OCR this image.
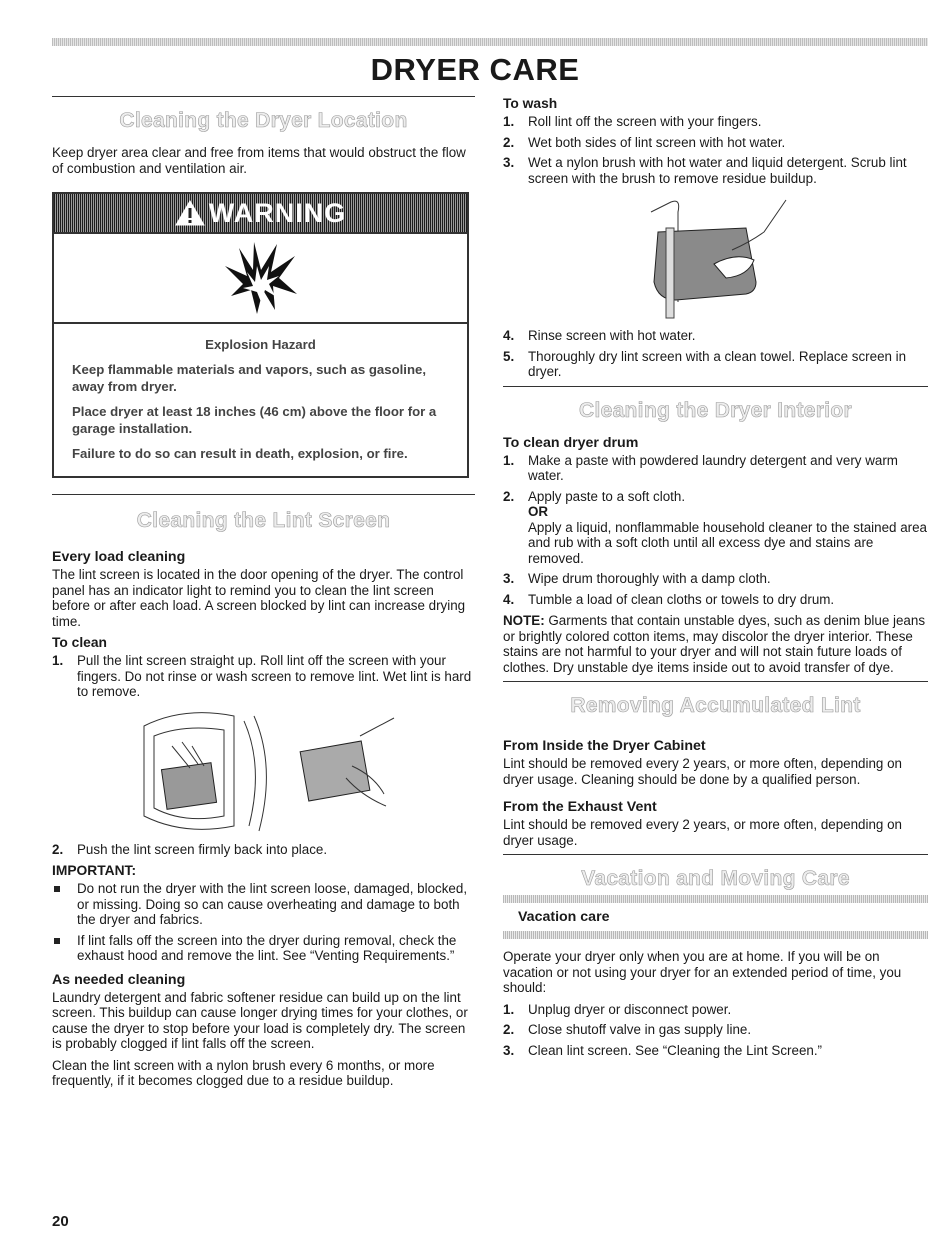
DRYER CARE
Cleaning the Dryer Location

Keep dryer area clear and free from items that would obstruct the flow of combustion and ventilation air.

WARNING

Explosion Hazard

Keep flammable materials and vapors, such as gasoline, away from dryer.

Place dryer at least 18 inches (46 cm) above the floor for a garage installation.

Failure to do so can result in death, explosion, or fire.

Cleaning the Lint Screen
Every load cleaning

The lint screen is located in the door opening of the dryer. The control panel has an indicator light to remind you to clean the lint screen before or after each load. A screen blocked by lint can increase drying time.

To clean
1. Pull the lint screen straight up. Roll lint off the screen with your fingers. Do not rinse or wash screen to remove lint. Wet lint is hard to remove.
2. Push the lint screen firmly back into place.
IMPORTANT:
Do not run the dryer with the lint screen loose, damaged, blocked, or missing. Doing so can cause overheating and damage to both the dryer and fabrics.
If lint falls off the screen into the dryer during removal, check the exhaust hood and remove the lint. See “Venting Requirements.”
As needed cleaning

Laundry detergent and fabric softener residue can build up on the lint screen. This buildup can cause longer drying times for your clothes, or cause the dryer to stop before your load is completely dry. The screen is probably clogged if lint falls off the screen.

Clean the lint screen with a nylon brush every 6 months, or more frequently, if it becomes clogged due to a residue buildup.

To wash
1. Roll lint off the screen with your fingers.
2. Wet both sides of lint screen with hot water.
3. Wet a nylon brush with hot water and liquid detergent. Scrub lint screen with the brush to remove residue buildup.
4. Rinse screen with hot water.
5. Thoroughly dry lint screen with a clean towel. Replace screen in dryer.
Cleaning the Dryer Interior
To clean dryer drum
1. Make a paste with powdered laundry detergent and very warm water.
2. Apply paste to a soft cloth.
OR
Apply a liquid, nonflammable household cleaner to the stained area and rub with a soft cloth until all excess dye and stains are removed.
3. Wipe drum thoroughly with a damp cloth.
4. Tumble a load of clean cloths or towels to dry drum.

NOTE: Garments that contain unstable dyes, such as denim blue jeans or brightly colored cotton items, may discolor the dryer interior. These stains are not harmful to your dryer and will not stain future loads of clothes. Dry unstable dye items inside out to avoid transfer of dye.

Removing Accumulated Lint
From Inside the Dryer Cabinet

Lint should be removed every 2 years, or more often, depending on dryer usage. Cleaning should be done by a qualified person.

From the Exhaust Vent

Lint should be removed every 2 years, or more often, depending on dryer usage.

Vacation and Moving Care
Vacation care

Operate your dryer only when you are at home. If you will be on vacation or not using your dryer for an extended period of time, you should:

1. Unplug dryer or disconnect power.
2. Close shutoff valve in gas supply line.
3. Clean lint screen. See “Cleaning the Lint Screen.”
20
